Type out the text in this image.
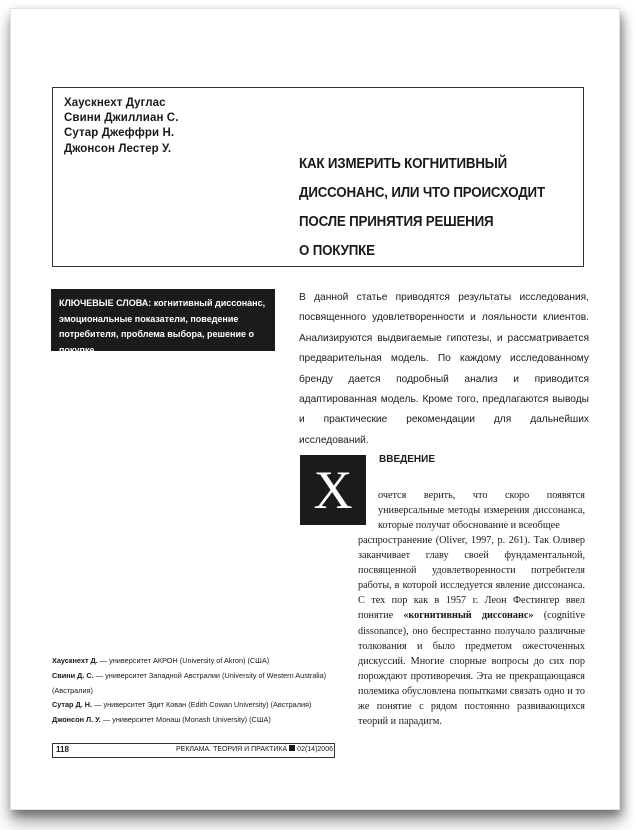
Хаускнехт Дуглас
Свини Джиллиан С.
Сутар Джеффри Н.
Джонсон Лестер У.
КАК ИЗМЕРИТЬ КОГНИТИВНЫЙ
ДИССОНАНС, ИЛИ ЧТО ПРОИСХОДИТ
ПОСЛЕ ПРИНЯТИЯ РЕШЕНИЯ
О ПОКУПКЕ
КЛЮЧЕВЫЕ СЛОВА: когнитивный диссонанс, эмоциональные показатели, поведение потребителя, проблема выбора, решение о покупке
В данной статье приводятся результаты исследования, посвященного удовлетворенности и лояльности клиентов. Анализируются выдвигаемые гипотезы, и рассматривается предварительная модель. По каждому исследованному бренду дается подробный анализ и приводится адаптированная модель. Кроме того, предлагаются выводы и практические рекомендации для дальнейших исследований.
Х
ВВЕДЕНИЕ
очется верить, что скоро появятся универсальные методы измерения диссонанса, которые получат обоснование и всеобщее
распространение (Oliver, 1997, p. 261). Так Оливер заканчивает главу своей фундаментальной, посвященной удовлетворенности потребителя работы, в которой исследуется явление диссонанса. С тех пор как в 1957 г. Леон Фестингер ввел понятие «когнитивный диссонанс» (cognitive dissonance), оно беспрестанно получало различные толкования и было предметом ожесточенных дискуссий. Многие спорные вопросы до сих пор порождают противоречия. Эта не прекращающаяся полемика обусловлена попытками связать одно и то же понятие с рядом постоянно развивающихся теорий и парадигм.
Хаускнехт Д. — университет АКРОН (University of Akron) (США)
Свини Д. С. — университет Западной Австралии (University of Western Australia)
(Австралия)
Сутар Д. Н. — университет Эдит Кован (Edith Cowan University) (Австралия)
Джонсон Л. У. — университет Монаш (Monash University) (США)
118	РЕКЛАМА. ТЕОРИЯ И ПРАКТИКА 02(14)2006
